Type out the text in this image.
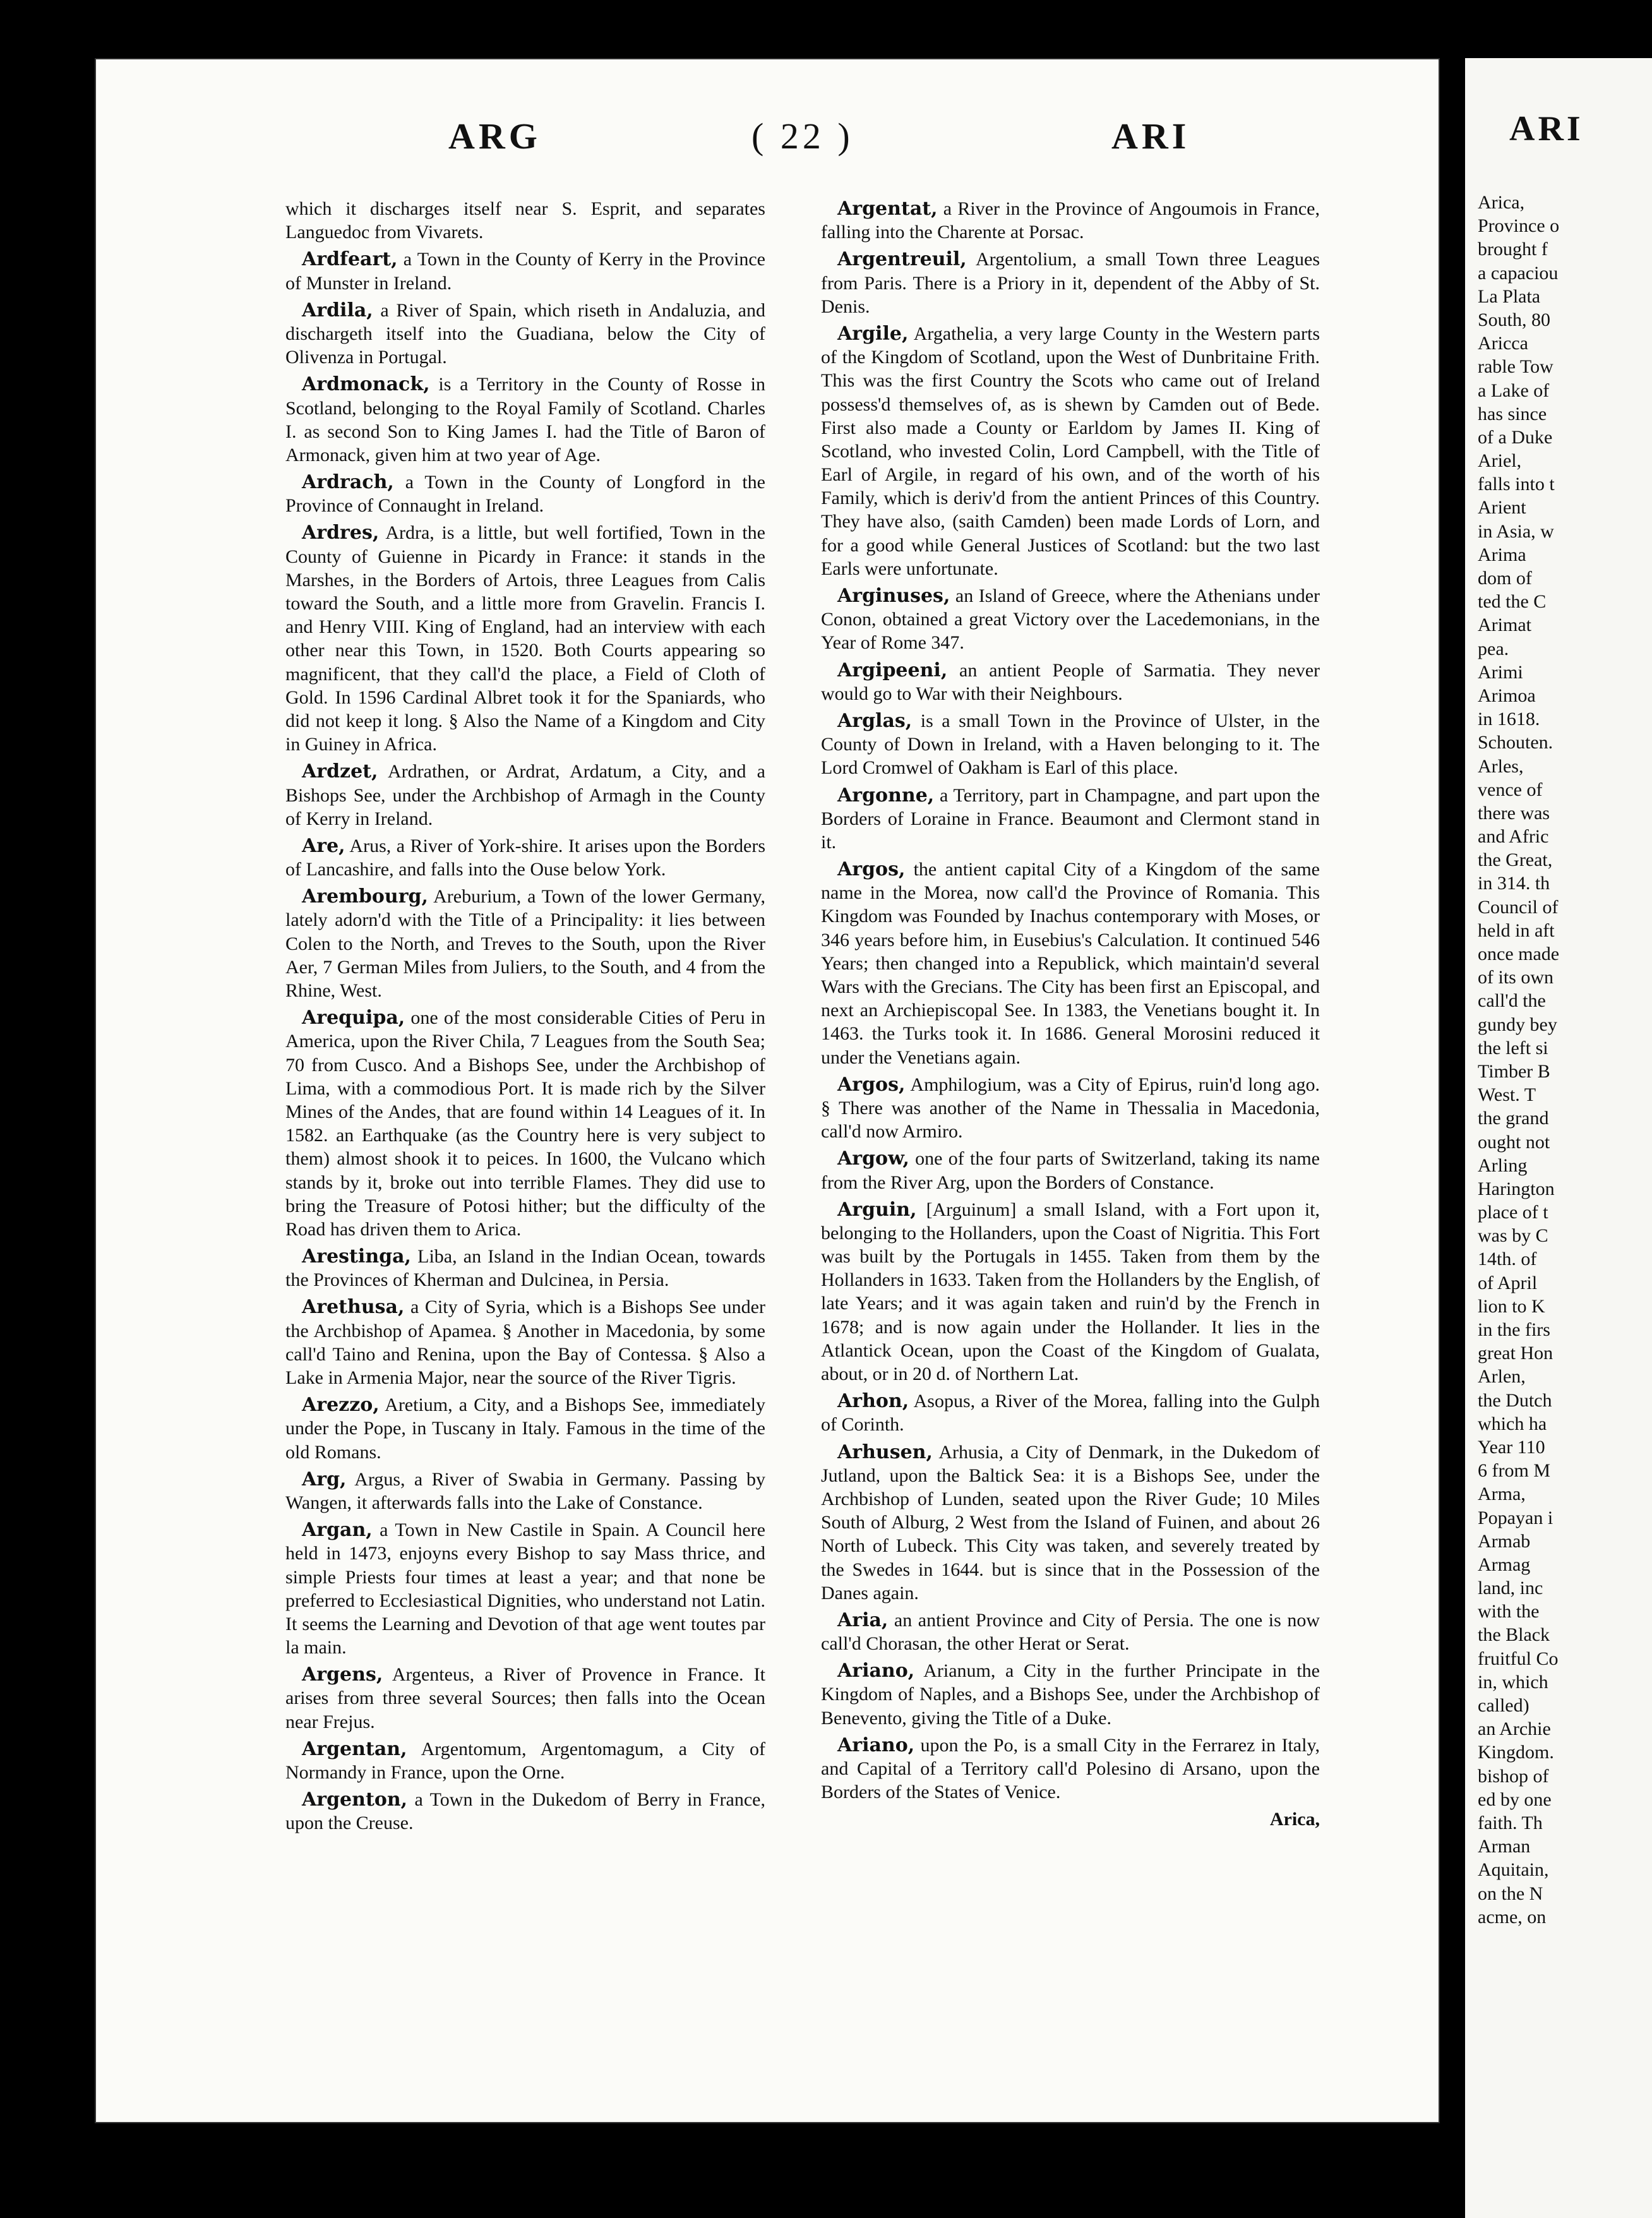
ARG	( 22 )	ARI

which it discharges itself near S. Esprit, and separates Languedoc from Vivarets.

Ardfeart, a Town in the County of Kerry in the Province of Munster in Ireland.

Ardila, a River of Spain, which riseth in Andaluzia, and dischargeth itself into the Guadiana, below the City of Olivenza in Portugal.

Ardmonack, is a Territory in the County of Rosse in Scotland, belonging to the Royal Family of Scotland. Charles I. as second Son to King James I. had the Title of Baron of Armonack, given him at two year of Age.

Ardrach, a Town in the County of Longford in the Province of Connaught in Ireland.

Ardres, Ardra, is a little, but well fortified, Town in the County of Guienne in Picardy in France: it stands in the Marshes, in the Borders of Artois, three Leagues from Calis toward the South, and a little more from Gravelin. Francis I. and Henry VIII. King of England, had an interview with each other near this Town, in 1520. Both Courts appearing so magnificent, that they call'd the place, a Field of Cloth of Gold. In 1596 Cardinal Albret took it for the Spaniards, who did not keep it long. § Also the Name of a Kingdom and City in Guiney in Africa.

Ardzet, Ardrathen, or Ardrat, Ardatum, a City, and a Bishops See, under the Archbishop of Armagh in the County of Kerry in Ireland.

Are, Arus, a River of York-shire. It arises upon the Borders of Lancashire, and falls into the Ouse below York.

Arembourg, Areburium, a Town of the lower Germany, lately adorn'd with the Title of a Principality: it lies between Colen to the North, and Treves to the South, upon the River Aer, 7 German Miles from Juliers, to the South, and 4 from the Rhine, West.

Arequipa, one of the most considerable Cities of Peru in America, upon the River Chila, 7 Leagues from the South Sea; 70 from Cusco. And a Bishops See, under the Archbishop of Lima, with a commodious Port. It is made rich by the Silver Mines of the Andes, that are found within 14 Leagues of it. In 1582. an Earthquake (as the Country here is very subject to them) almost shook it to peices. In 1600, the Vulcano which stands by it, broke out into terrible Flames. They did use to bring the Treasure of Potosi hither; but the difficulty of the Road has driven them to Arica.

Arestinga, Liba, an Island in the Indian Ocean, towards the Provinces of Kherman and Dulcinea, in Persia.

Arethusa, a City of Syria, which is a Bishops See under the Archbishop of Apamea. § Another in Macedonia, by some call'd Taino and Renina, upon the Bay of Contessa. § Also a Lake in Armenia Major, near the source of the River Tigris.

Arezzo, Aretium, a City, and a Bishops See, immediately under the Pope, in Tuscany in Italy. Famous in the time of the old Romans.

Arg, Argus, a River of Swabia in Germany. Passing by Wangen, it afterwards falls into the Lake of Constance.

Argan, a Town in New Castile in Spain. A Council here held in 1473, enjoyns every Bishop to say Mass thrice, and simple Priests four times at least a year; and that none be preferred to Ecclesiastical Dignities, who understand not Latin. It seems the Learning and Devotion of that age went toutes par la main.

Argens, Argenteus, a River of Provence in France. It arises from three several Sources; then falls into the Ocean near Frejus.

Argentan, Argentomum, Argentomagum, a City of Normandy in France, upon the Orne.

Argenton, a Town in the Dukedom of Berry in France, upon the Creuse.

Argentat, a River in the Province of Angoumois in France, falling into the Charente at Porsac.

Argentreuil, Argentolium, a small Town three Leagues from Paris. There is a Priory in it, dependent of the Abby of St. Denis.

Argile, Argathelia, a very large County in the Western parts of the Kingdom of Scotland, upon the West of Dunbritaine Frith. This was the first Country the Scots who came out of Ireland possess'd themselves of, as is shewn by Camden out of Bede. First also made a County or Earldom by James II. King of Scotland, who invested Colin, Lord Campbell, with the Title of Earl of Argile, in regard of his own, and of the worth of his Family, which is deriv'd from the antient Princes of this Country. They have also, (saith Camden) been made Lords of Lorn, and for a good while General Justices of Scotland: but the two last Earls were unfortunate.

Arginuses, an Island of Greece, where the Athenians under Conon, obtained a great Victory over the Lacedemonians, in the Year of Rome 347.

Argipeeni, an antient People of Sarmatia. They never would go to War with their Neighbours.

Arglas, is a small Town in the Province of Ulster, in the County of Down in Ireland, with a Haven belonging to it. The Lord Cromwel of Oakham is Earl of this place.

Argonne, a Territory, part in Champagne, and part upon the Borders of Loraine in France. Beaumont and Clermont stand in it.

Argos, the antient capital City of a Kingdom of the same name in the Morea, now call'd the Province of Romania. This Kingdom was Founded by Inachus contemporary with Moses, or 346 years before him, in Eusebius's Calculation. It continued 546 Years; then changed into a Republick, which maintain'd several Wars with the Grecians. The City has been first an Episcopal, and next an Archiepiscopal See. In 1383, the Venetians bought it. In 1463. the Turks took it. In 1686. General Morosini reduced it under the Venetians again.

Argos, Amphilogium, was a City of Epirus, ruin'd long ago. § There was another of the Name in Thessalia in Macedonia, call'd now Armiro.

Argow, one of the four parts of Switzerland, taking its name from the River Arg, upon the Borders of Constance.

Arguin, [Arguinum] a small Island, with a Fort upon it, belonging to the Hollanders, upon the Coast of Nigritia. This Fort was built by the Portugals in 1455. Taken from them by the Hollanders in 1633. Taken from the Hollanders by the English, of late Years; and it was again taken and ruin'd by the French in 1678; and is now again under the Hollander. It lies in the Atlantick Ocean, upon the Coast of the Kingdom of Gualata, about, or in 20 d. of Northern Lat.

Arhon, Asopus, a River of the Morea, falling into the Gulph of Corinth.

Arhusen, Arhusia, a City of Denmark, in the Dukedom of Jutland, upon the Baltick Sea: it is a Bishops See, under the Archbishop of Lunden, seated upon the River Gude; 10 Miles South of Alburg, 2 West from the Island of Fuinen, and about 26 North of Lubeck. This City was taken, and severely treated by the Swedes in 1644. but is since that in the Possession of the Danes again.

Aria, an antient Province and City of Persia. The one is now call'd Chorasan, the other Herat or Serat.

Ariano, Arianum, a City in the further Principate in the Kingdom of Naples, and a Bishops See, under the Archbishop of Benevento, giving the Title of a Duke.

Ariano, upon the Po, is a small City in the Ferrarez in Italy, and Capital of a Territory call'd Polesino di Arsano, upon the Borders of the States of Venice.

Arica,
ARI
Arica,
Province o
brought f
a capaciou
La Plata
South, 80
Aricca
rable Tow
a Lake of
has since
of a Duke
Ariel,
falls into t
Arient
in Asia, w
Arima
dom of
ted the C
Arimat
pea.
Arimi
Arimoa
in 1618.
Schouten.
Arles,
vence of
there was
and Afric
the Great,
in 314. th
Council of
held in aft
once made
of its own
call'd the
gundy bey
the left si
Timber B
West. T
the grand
ought not
Arling
Harington
place of t
was by C
14th. of
of April
lion to K
in the firs
great Hon
Arlen,
the Dutch
which ha
Year 110
6 from M
Arma,
Popayan i
Armab
Armag
land, inc
with the
the Black
fruitful Co
in, which
called)
an Archie
Kingdom.
bishop of
ed by one
faith. Th
Arman
Aquitain,
on the N
acme, on
